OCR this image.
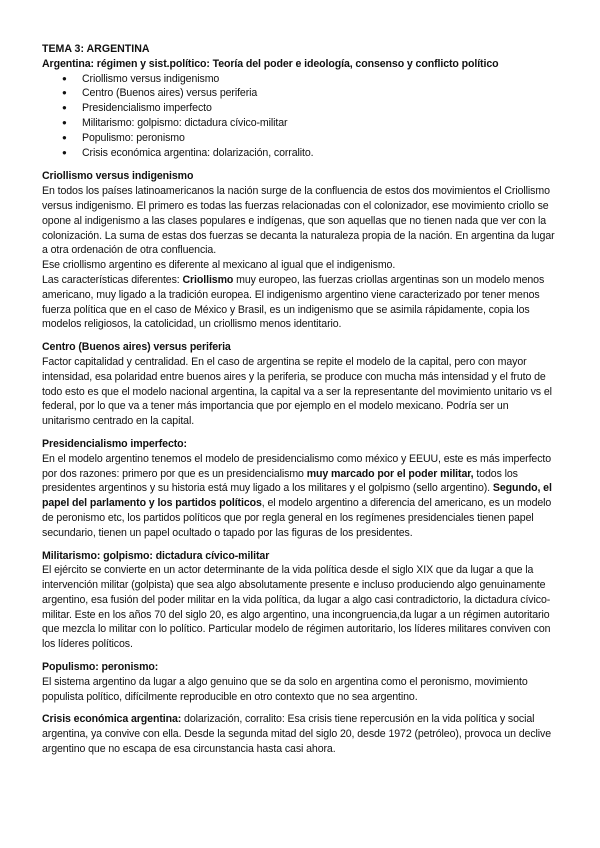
TEMA 3: ARGENTINA

Argentina: régimen y sist.político: Teoría del poder e ideología, consenso y conflicto político

● Criollismo versus indigenismo
● Centro (Buenos aires) versus periferia
● Presidencialismo imperfecto
● Militarismo: golpismo: dictadura cívico-militar
● Populismo: peronismo
● Crisis económica argentina: dolarización, corralito.
Criollismo versus indigenismo

En todos los países latinoamericanos la nación surge de la confluencia de estos dos movimientos el Criollismo versus indigenismo. El primero es todas las fuerzas relacionadas con el colonizador, ese movimiento criollo se opone al indigenismo a las clases populares e indígenas, que son aquellas que no tienen nada que ver con la colonización. La suma de estas dos fuerzas se decanta la naturaleza propia de la nación. En argentina da lugar a otra ordenación de otra confluencia.

Ese criollismo argentino es diferente al mexicano al igual que el indigenismo.

Las características diferentes: Criollismo muy europeo, las fuerzas criollas argentinas son un modelo menos americano, muy ligado a la tradición europea. El indigenismo argentino viene caracterizado por tener menos fuerza política que en el caso de México y Brasil, es un indigenismo que se asimila rápidamente, copia los modelos religiosos, la catolicidad, un criollismo menos identitario.

Centro (Buenos aires) versus periferia

Factor capitalidad y centralidad. En el caso de argentina se repite el modelo de la capital, pero con mayor intensidad, esa polaridad entre buenos aires y la periferia, se produce con mucha más intensidad y el fruto de todo esto es que el modelo nacional argentina, la capital va a ser la representante del movimiento unitario vs el federal, por lo que va a tener más importancia que por ejemplo en el modelo mexicano. Podría ser un unitarismo centrado en la capital.

Presidencialismo imperfecto:

En el modelo argentino tenemos el modelo de presidencialismo como méxico y EEUU, este es más imperfecto por dos razones: primero por que es un presidencialismo muy marcado por el poder militar, todos los presidentes argentinos y su historia está muy ligado a los militares y el golpismo (sello argentino). Segundo, el papel del parlamento y los partidos políticos, el modelo argentino a diferencia del americano, es un modelo de peronismo etc, los partidos políticos que por regla general en los regímenes presidenciales tienen papel secundario, tienen un papel ocultado o tapado por las figuras de los presidentes.

Militarismo: golpismo: dictadura cívico-militar

El ejército se convierte en un actor determinante de la vida política desde el siglo XIX que da lugar a que la intervención militar (golpista) que sea algo absolutamente presente e incluso produciendo algo genuinamente argentino, esa fusión del poder militar en la vida política, da lugar a algo casi contradictorio, la dictadura cívico-militar. Este en los años 70 del siglo 20, es algo argentino, una incongruencia,da lugar a un régimen autoritario que mezcla lo militar con lo político. Particular modelo de régimen autoritario, los líderes militares conviven con los líderes políticos.

Populismo: peronismo:

El sistema argentino da lugar a algo genuino que se da solo en argentina como el peronismo, movimiento populista político, difícilmente reproducible en otro contexto que no sea argentino.

Crisis económica argentina: dolarización, corralito: Esa crisis tiene repercusión en la vida política y social argentina, ya convive con ella. Desde la segunda mitad del siglo 20, desde 1972 (petróleo), provoca un declive argentino que no escapa de esa circunstancia hasta casi ahora.
